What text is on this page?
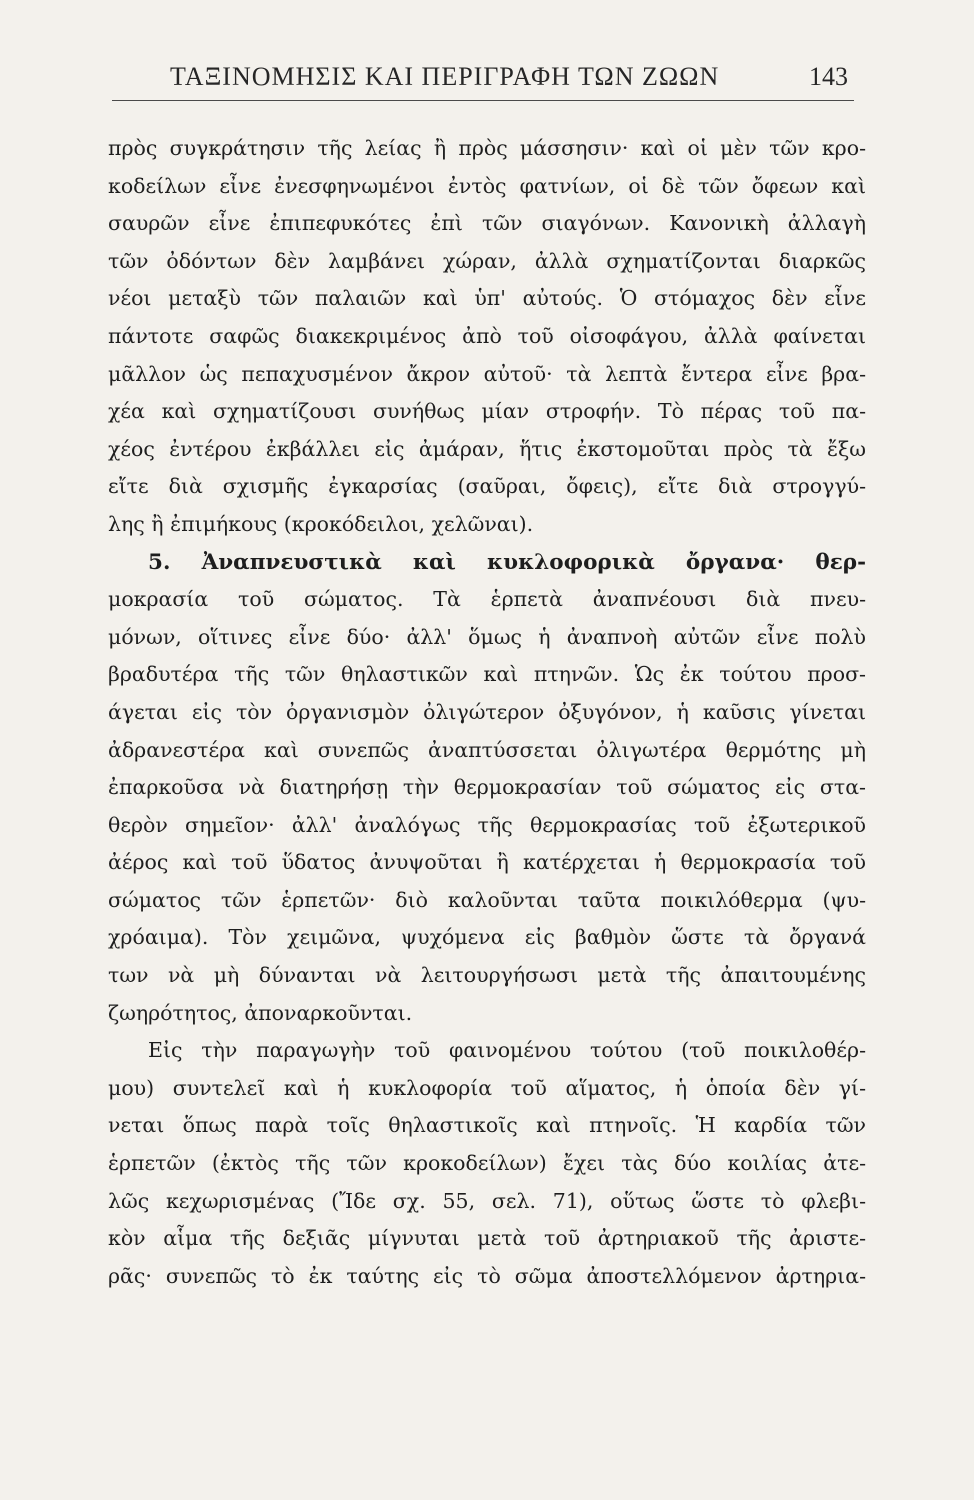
ΤΑΞΙΝΟΜΗΣΙΣ ΚΑΙ ΠΕΡΙΓΡΑΦΗ ΤΩΝ ΖΩΩΝ	143
πρὸς συγκράτησιν τῆς λείας ἢ πρὸς μάσσησιν· καὶ οἱ μὲν τῶν κρο-
κοδείλων εἶνε ἐνεσφηνωμένοι ἐντὸς φατνίων, οἱ δὲ τῶν ὄφεων καὶ
σαυρῶν εἶνε ἐπιπεφυκότες ἐπὶ τῶν σιαγόνων. Κανονικὴ ἀλλαγὴ
τῶν ὀδόντων δὲν λαμβάνει χώραν, ἀλλὰ σχηματίζονται διαρκῶς
νέοι μεταξὺ τῶν παλαιῶν καὶ ὑπ' αὐτούς. Ὁ στόμαχος δὲν εἶνε
πάντοτε σαφῶς διακεκριμένος ἀπὸ τοῦ οἰσοφάγου, ἀλλὰ φαίνεται
μᾶλλον ὡς πεπαχυσμένον ἄκρον αὐτοῦ· τὰ λεπτὰ ἔντερα εἶνε βρα-
χέα καὶ σχηματίζουσι συνήθως μίαν στροφήν. Τὸ πέρας τοῦ πα-
χέος ἐντέρου ἐκβάλλει εἰς ἀμάραν, ἥτις ἐκστομοῦται πρὸς τὰ ἔξω
εἴτε διὰ σχισμῆς ἐγκαρσίας (σαῦραι, ὄφεις), εἴτε διὰ στρογγύ-
λης ἢ ἐπιμήκους (κροκόδειλοι, χελῶναι).
5. Ἀναπνευστικὰ καὶ κυκλοφορικὰ ὄργανα· θερ-
μοκρασία τοῦ σώματος. Τὰ ἑρπετὰ ἀναπνέουσι διὰ πνευ-
μόνων, οἵτινες εἶνε δύο· ἀλλ' ὅμως ἡ ἀναπνοὴ αὐτῶν εἶνε πολὺ
βραδυτέρα τῆς τῶν θηλαστικῶν καὶ πτηνῶν. Ὡς ἐκ τούτου προσ-
άγεται εἰς τὸν ὀργανισμὸν ὀλιγώτερον ὀξυγόνον, ἡ καῦσις γίνεται
ἀδρανεστέρα καὶ συνεπῶς ἀναπτύσσεται ὀλιγωτέρα θερμότης μὴ
ἐπαρκοῦσα νὰ διατηρήσῃ τὴν θερμοκρασίαν τοῦ σώματος εἰς στα-
θερὸν σημεῖον· ἀλλ' ἀναλόγως τῆς θερμοκρασίας τοῦ ἐξωτερικοῦ
ἀέρος καὶ τοῦ ὕδατος ἀνυψοῦται ἢ κατέρχεται ἡ θερμοκρασία τοῦ
σώματος τῶν ἑρπετῶν· διὸ καλοῦνται ταῦτα ποικιλόθερμα (ψυ-
χρόαιμα). Τὸν χειμῶνα, ψυχόμενα εἰς βαθμὸν ὥστε τὰ ὄργανά
των νὰ μὴ δύνανται νὰ λειτουργήσωσι μετὰ τῆς ἀπαιτουμένης
ζωηρότητος, ἀποναρκοῦνται.
Εἰς τὴν παραγωγὴν τοῦ φαινομένου τούτου (τοῦ ποικιλοθέρ-
μου) συντελεῖ καὶ ἡ κυκλοφορία τοῦ αἵματος, ἡ ὁποία δὲν γί-
νεται ὅπως παρὰ τοῖς θηλαστικοῖς καὶ πτηνοῖς. Ἡ καρδία τῶν
ἑρπετῶν (ἐκτὸς τῆς τῶν κροκοδείλων) ἔχει τὰς δύο κοιλίας ἀτε-
λῶς κεχωρισμένας (Ἴδε σχ. 55, σελ. 71), οὕτως ὥστε τὸ φλεβι-
κὸν αἷμα τῆς δεξιᾶς μίγνυται μετὰ τοῦ ἀρτηριακοῦ τῆς ἀριστε-
ρᾶς· συνεπῶς τὸ ἐκ ταύτης εἰς τὸ σῶμα ἀποστελλόμενον ἀρτηρια-
